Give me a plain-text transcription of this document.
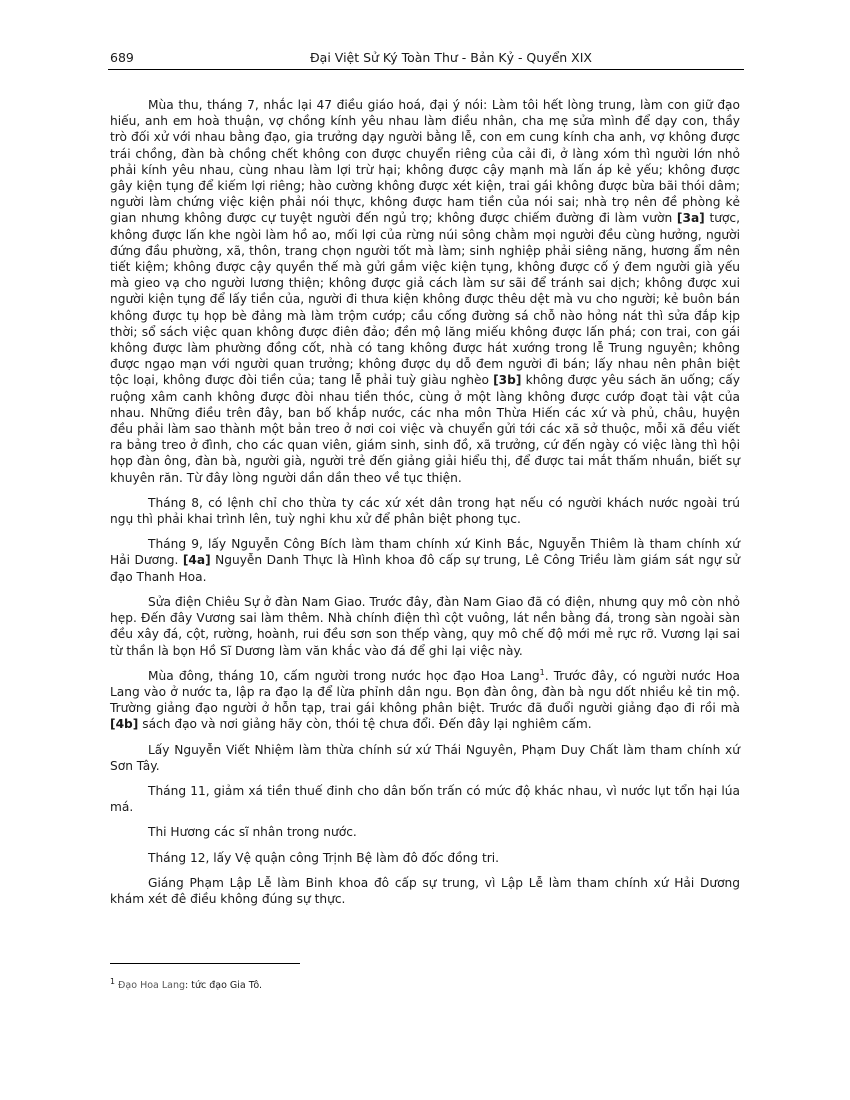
689	Đại Việt Sử Ký Toàn Thư - Bản Kỷ - Quyển XIX

Mùa thu, tháng 7, nhắc lại 47 điều giáo hoá, đại ý nói: Làm tôi hết lòng trung, làm con giữ đạo hiếu, anh em hoà thuận, vợ chồng kính yêu nhau làm điều nhân, cha mẹ sửa mình để dạy con, thầy trò đối xử với nhau bằng đạo, gia trưởng dạy người bằng lễ, con em cung kính cha anh, vợ không được trái chồng, đàn bà chồng chết không con được chuyển riêng của cải đi, ở làng xóm thì người lớn nhỏ phải kính yêu nhau, cùng nhau làm lợi trừ hại; không được cậy mạnh mà lấn áp kẻ yếu; không được gây kiện tụng để kiếm lợi riêng; hào cường không được xét kiện, trai gái không được bừa bãi thói dâm; người làm chứng việc kiện phải nói thực, không được ham tiền của nói sai; nhà trọ nên đề phòng kẻ gian nhưng không được cự tuyệt người đến ngủ trọ; không được chiếm đường đi làm vườn [3a] tược, không được lấn khe ngòi làm hồ ao, mối lợi của rừng núi sông chằm mọi người đều cùng hưởng, người đứng đầu phường, xã, thôn, trang chọn người tốt mà làm; sinh nghiệp phải siêng năng, hương ẩm nên tiết kiệm; không được cậy quyền thế mà gửi gắm việc kiện tụng, không được cố ý đem người già yếu mà gieo vạ cho người lương thiện; không được giả cách làm sư sãi để tránh sai dịch; không được xui người kiện tụng để lấy tiền của, người đi thưa kiện không được thêu dệt mà vu cho người; kẻ buôn bán không được tụ họp bè đảng mà làm trộm cướp; cầu cống đường sá chỗ nào hỏng nát thì sửa đắp kịp thời; sổ sách việc quan không được điên đảo; đền mộ lăng miếu không được lấn phá; con trai, con gái không được làm phường đồng cốt, nhà có tang không được hát xướng trong lễ Trung nguyên; không được ngạo mạn với người quan trưởng; không được dụ dỗ đem người đi bán; lấy nhau nên phân biệt tộc loại, không được đòi tiền của; tang lễ phải tuỳ giàu nghèo [3b] không được yêu sách ăn uống; cấy ruộng xâm canh không được đòi nhau tiền thóc, cùng ở một làng không được cướp đoạt tài vật của nhau. Những điều trên đây, ban bố khắp nước, các nha môn Thừa Hiến các xứ và phủ, châu, huyện đều phải làm sao thành một bản treo ở nơi coi việc và chuyển gửi tới các xã sở thuộc, mỗi xã đều viết ra bảng treo ở đình, cho các quan viên, giám sinh, sinh đồ, xã trưởng, cứ đến ngày có việc làng thì hội họp đàn ông, đàn bà, người già, người trẻ đến giảng giải hiểu thị, để được tai mắt thấm nhuần, biết sự khuyên răn. Từ đây lòng người dần dần theo về tục thiện.

Tháng 8, có lệnh chỉ cho thừa ty các xứ xét dân trong hạt nếu có người khách nước ngoài trú ngụ thì phải khai trình lên, tuỳ nghi khu xử để phân biệt phong tục.

Tháng 9, lấy Nguyễn Công Bích làm tham chính xứ Kinh Bắc, Nguyễn Thiêm là tham chính xứ Hải Dương. [4a] Nguyễn Danh Thực là Hình khoa đô cấp sự trung, Lê Công Triều làm giám sát ngự sử đạo Thanh Hoa.

Sửa điện Chiêu Sự ở đàn Nam Giao. Trước đây, đàn Nam Giao đã có điện, nhưng quy mô còn nhỏ hẹp. Đến đây Vương sai làm thêm. Nhà chính điện thì cột vuông, lát nền bằng đá, trong sàn ngoài sàn đều xây đá, cột, rường, hoành, rui đều sơn son thếp vàng, quy mô chế độ mới mẻ rực rỡ. Vương lại sai từ thần là bọn Hồ Sĩ Dương làm văn khắc vào đá để ghi lại việc này.

Mùa đông, tháng 10, cấm người trong nước học đạo Hoa Lang$^1$. Trước đây, có người nước Hoa Lang vào ở nước ta, lập ra đạo lạ để lừa phỉnh dân ngu. Bọn đàn ông, đàn bà ngu dốt nhiều kẻ tin mộ. Trường giảng đạo người ở hỗn tạp, trai gái không phân biệt. Trước đã đuổi người giảng đạo đi rồi mà [4b] sách đạo và nơi giảng hãy còn, thói tệ chưa đổi. Đến đây lại nghiêm cấm.

Lấy Nguyễn Viết Nhiệm làm thừa chính sứ xứ Thái Nguyên, Phạm Duy Chất làm tham chính xứ Sơn Tây.

Tháng 11, giảm xá tiền thuế đinh cho dân bốn trấn có mức độ khác nhau, vì nước lụt tổn hại lúa má.

Thi Hương các sĩ nhân trong nước.

Tháng 12, lấy Vệ quận công Trịnh Bệ làm đô đốc đồng tri.

Giáng Phạm Lập Lễ làm Binh khoa đô cấp sự trung, vì Lập Lễ làm tham chính xứ Hải Dương khám xét đê điều không đúng sự thực.

$^1$ Đạo Hoa Lang: tức đạo Gia Tô.
